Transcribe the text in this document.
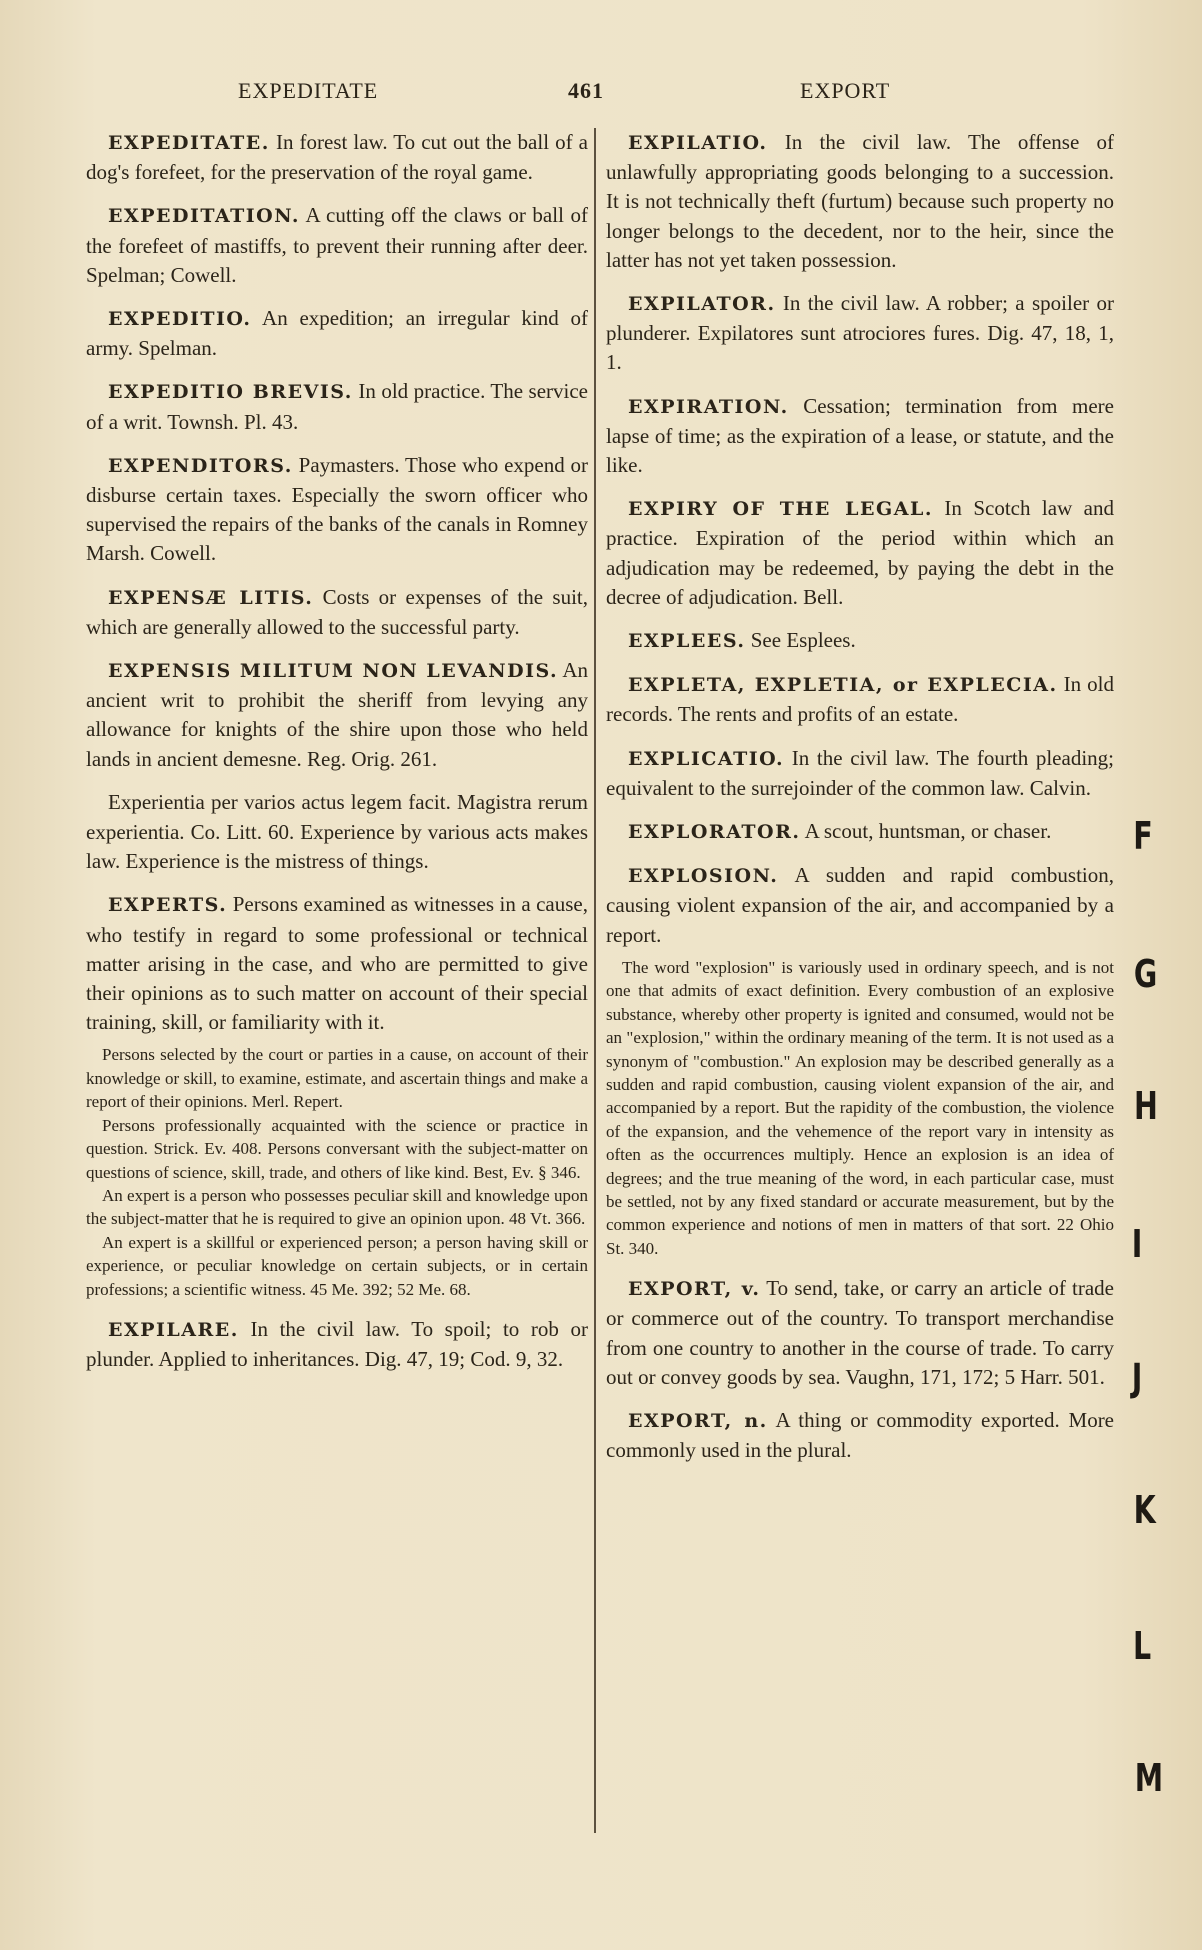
EXPEDITATE	461	EXPORT

EXPEDITATE. In forest law. To cut out the ball of a dog's forefeet, for the preservation of the royal game.

EXPEDITATION. A cutting off the claws or ball of the forefeet of mastiffs, to prevent their running after deer. Spelman; Cowell.

EXPEDITIO. An expedition; an irregular kind of army. Spelman.

EXPEDITIO BREVIS. In old practice. The service of a writ. Townsh. Pl. 43.

EXPENDITORS. Paymasters. Those who expend or disburse certain taxes. Especially the sworn officer who supervised the repairs of the banks of the canals in Romney Marsh. Cowell.

EXPENSÆ LITIS. Costs or expenses of the suit, which are generally allowed to the successful party.

EXPENSIS MILITUM NON LEVANDIS. An ancient writ to prohibit the sheriff from levying any allowance for knights of the shire upon those who held lands in ancient demesne. Reg. Orig. 261.

Experientia per varios actus legem facit. Magistra rerum experientia. Co. Litt. 60. Experience by various acts makes law. Experience is the mistress of things.

EXPERTS. Persons examined as witnesses in a cause, who testify in regard to some professional or technical matter arising in the case, and who are permitted to give their opinions as to such matter on account of their special training, skill, or familiarity with it.

Persons selected by the court or parties in a cause, on account of their knowledge or skill, to examine, estimate, and ascertain things and make a report of their opinions. Merl. Repert.

Persons professionally acquainted with the science or practice in question. Strick. Ev. 408. Persons conversant with the subject-matter on questions of science, skill, trade, and others of like kind. Best, Ev. § 346.

An expert is a person who possesses peculiar skill and knowledge upon the subject-matter that he is required to give an opinion upon. 48 Vt. 366.

An expert is a skillful or experienced person; a person having skill or experience, or peculiar knowledge on certain subjects, or in certain professions; a scientific witness. 45 Me. 392; 52 Me. 68.

EXPILARE. In the civil law. To spoil; to rob or plunder. Applied to inheritances. Dig. 47, 19; Cod. 9, 32.

EXPILATIO. In the civil law. The offense of unlawfully appropriating goods belonging to a succession. It is not technically theft (furtum) because such property no longer belongs to the decedent, nor to the heir, since the latter has not yet taken possession.

EXPILATOR. In the civil law. A robber; a spoiler or plunderer. Expilatores sunt atrociores fures. Dig. 47, 18, 1, 1.

EXPIRATION. Cessation; termination from mere lapse of time; as the expiration of a lease, or statute, and the like.

EXPIRY OF THE LEGAL. In Scotch law and practice. Expiration of the period within which an adjudication may be redeemed, by paying the debt in the decree of adjudication. Bell.

EXPLEES. See Esplees.

EXPLETA, EXPLETIA, or EXPLECIA. In old records. The rents and profits of an estate.

EXPLICATIO. In the civil law. The fourth pleading; equivalent to the surrejoinder of the common law. Calvin.

EXPLORATOR. A scout, huntsman, or chaser.

EXPLOSION. A sudden and rapid combustion, causing violent expansion of the air, and accompanied by a report.

The word "explosion" is variously used in ordinary speech, and is not one that admits of exact definition. Every combustion of an explosive substance, whereby other property is ignited and consumed, would not be an "explosion," within the ordinary meaning of the term. It is not used as a synonym of "combustion." An explosion may be described generally as a sudden and rapid combustion, causing violent expansion of the air, and accompanied by a report. But the rapidity of the combustion, the violence of the expansion, and the vehemence of the report vary in intensity as often as the occurrences multiply. Hence an explosion is an idea of degrees; and the true meaning of the word, in each particular case, must be settled, not by any fixed standard or accurate measurement, but by the common experience and notions of men in matters of that sort. 22 Ohio St. 340.

EXPORT, v. To send, take, or carry an article of trade or commerce out of the country. To transport merchandise from one country to another in the course of trade. To carry out or convey goods by sea. Vaughn, 171, 172; 5 Harr. 501.

EXPORT, n. A thing or commodity exported. More commonly used in the plural.

F
G
H
I
J
K
L
M
